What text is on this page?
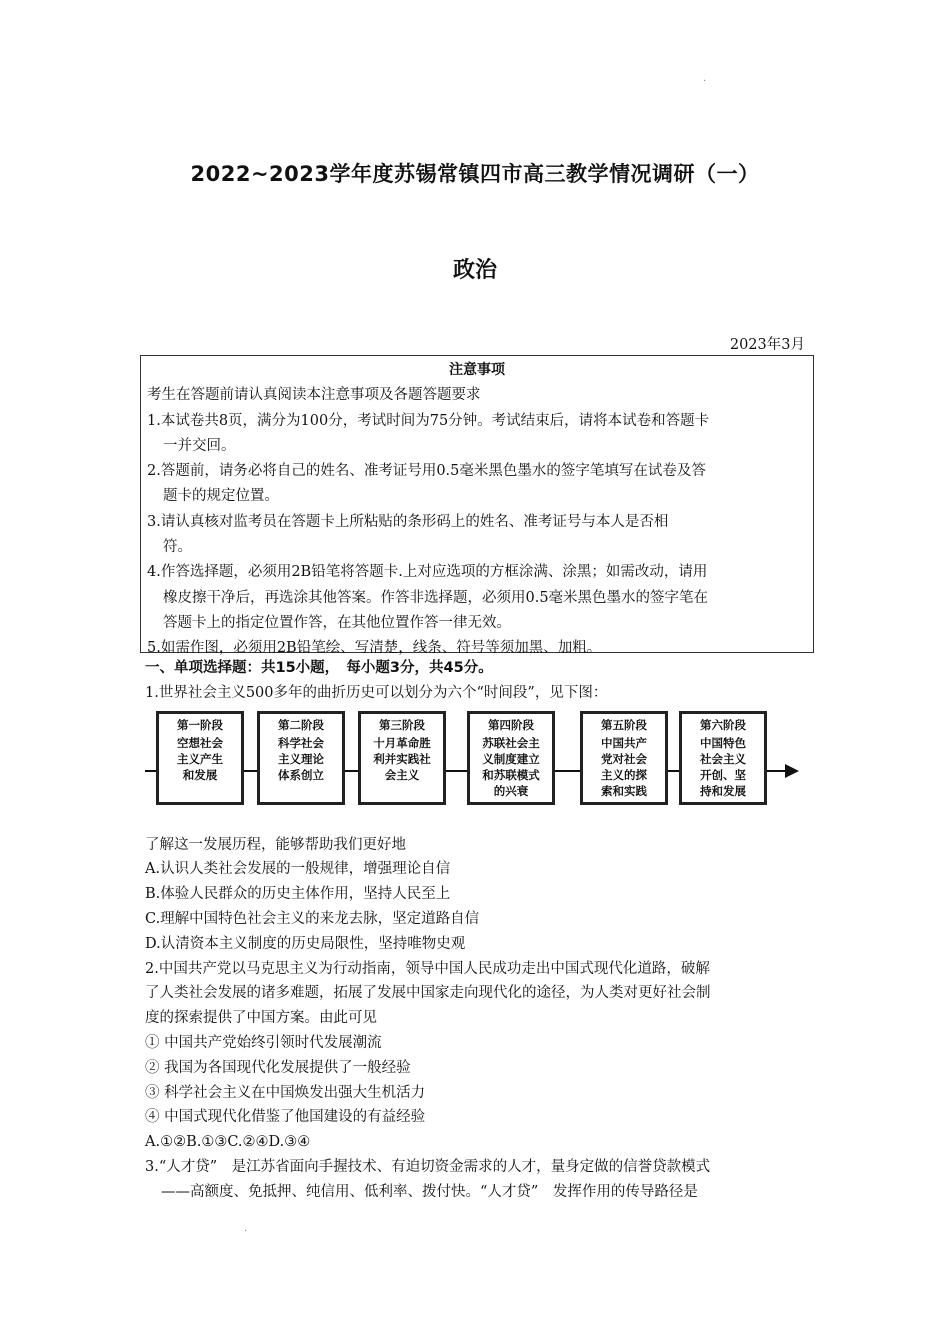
·
2022~2023学年度苏锡常镇四市高三教学情况调研（一）
政治
2023年3月
注意事项
考生在答题前请认真阅读本注意事项及各题答题要求
1.本试卷共8页，满分为100分，考试时间为75分钟。考试结束后，请将本试卷和答题卡
一并交回。
2.答题前，请务必将自己的姓名、准考证号用0.5毫米黑色墨水的签字笔填写在试卷及答
题卡的规定位置。
3.请认真核对监考员在答题卡上所粘贴的条形码上的姓名、准考证号与本人是否相
符。
4.作答选择题，必须用2B铅笔将答题卡.上对应选项的方框涂满、涂黑；如需改动，请用
橡皮擦干净后，再选涂其他答案。作答非选择题，必须用0.5毫米黑色墨水的签字笔在
答题卡上的指定位置作答，在其他位置作答一律无效。
5.如需作图，必须用2B铅笔绘、写清楚，线条、符号等须加黑、加粗。
一、单项选择题：共15小题，　每小题3分，共45分。
1.世界社会主义500多年的曲折历史可以划分为六个“时间段”，见下图：
第一阶段
空想社会
主义产生
和发展
第二阶段
科学社会
主义理论
体系创立
第三阶段
十月革命胜
利并实践社
会主义
第四阶段
苏联社会主
义制度建立
和苏联模式
的兴衰
第五阶段
中国共产
党对社会
主义的探
索和实践
第六阶段
中国特色
社会主义
开创、坚
持和发展
了解这一发展历程，能够帮助我们更好地
A.认识人类社会发展的一般规律，增强理论自信
B.体验人民群众的历史主体作用，坚持人民至上
C.理解中国特色社会主义的来龙去脉，坚定道路自信
D.认清资本主义制度的历史局限性，坚持唯物史观
2.中国共产党以马克思主义为行动指南，领导中国人民成功走出中国式现代化道路，破解
了人类社会发展的诸多难题，拓展了发展中国家走向现代化的途径，为人类对更好社会制
度的探索提供了中国方案。由此可见
① 中国共产党始终引领时代发展潮流
② 我国为各国现代化发展提供了一般经验
③ 科学社会主义在中国焕发出强大生机活力
④ 中国式现代化借鉴了他国建设的有益经验
A.①②B.①③C.②④D.③④
3.“人才贷”　是江苏省面向手握技术、有迫切资金需求的人才，量身定做的信誉贷款模式
——高额度、免抵押、纯信用、低利率、拨付快。“人才贷”　发挥作用的传导路径是
·
